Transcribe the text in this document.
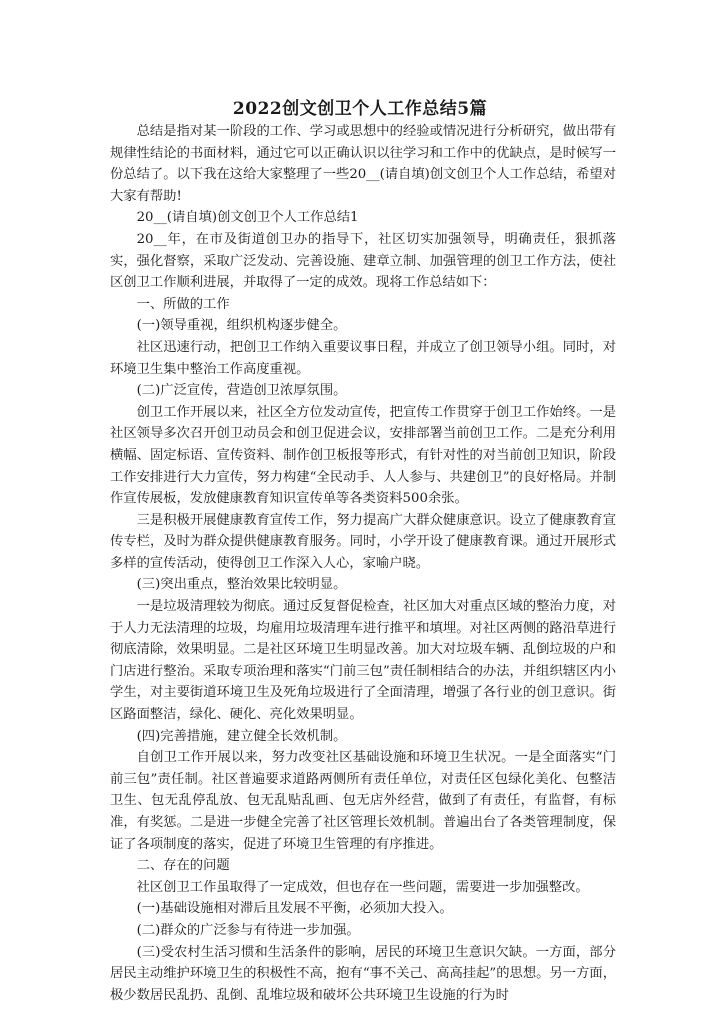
2022创文创卫个人工作总结5篇

总结是指对某一阶段的工作、学习或思想中的经验或情况进行分析研究，做出带有规律性结论的书面材料，通过它可以正确认识以往学习和工作中的优缺点，是时候写一份总结了。以下我在这给大家整理了一些20__(请自填)创文创卫个人工作总结，希望对大家有帮助!

20__(请自填)创文创卫个人工作总结1

20__年，在市及街道创卫办的指导下，社区切实加强领导，明确责任，狠抓落实，强化督察，采取广泛发动、完善设施、建章立制、加强管理的创卫工作方法，使社区创卫工作顺利进展，并取得了一定的成效。现将工作总结如下：

一、所做的工作

(一)领导重视，组织机构逐步健全。

社区迅速行动，把创卫工作纳入重要议事日程，并成立了创卫领导小组。同时，对环境卫生集中整治工作高度重视。

(二)广泛宣传，营造创卫浓厚氛围。

创卫工作开展以来，社区全方位发动宣传，把宣传工作贯穿于创卫工作始终。一是社区领导多次召开创卫动员会和创卫促进会议，安排部署当前创卫工作。二是充分利用横幅、固定标语、宣传资料、制作创卫板报等形式，有针对性的对当前创卫知识，阶段工作安排进行大力宣传，努力构建“全民动手、人人参与、共建创卫”的良好格局。并制作宣传展板，发放健康教育知识宣传单等各类资料500余张。

三是积极开展健康教育宣传工作，努力提高广大群众健康意识。设立了健康教育宣传专栏，及时为群众提供健康教育服务。同时，小学开设了健康教育课。通过开展形式多样的宣传活动，使得创卫工作深入人心，家喻户晓。

(三)突出重点，整治效果比较明显。

一是垃圾清理较为彻底。通过反复督促检查，社区加大对重点区域的整治力度，对于人力无法清理的垃圾，均雇用垃圾清理车进行推平和填埋。对社区两侧的路沿草进行彻底清除，效果明显。二是社区环境卫生明显改善。加大对垃圾车辆、乱倒垃圾的户和门店进行整治。采取专项治理和落实“门前三包”责任制相结合的办法，并组织辖区内小学生，对主要街道环境卫生及死角垃圾进行了全面清理，增强了各行业的创卫意识。街区路面整洁，绿化、硬化、亮化效果明显。

(四)完善措施，建立健全长效机制。

自创卫工作开展以来，努力改变社区基础设施和环境卫生状况。一是全面落实“门前三包”责任制。社区普遍要求道路两侧所有责任单位，对责任区包绿化美化、包整洁卫生、包无乱停乱放、包无乱贴乱画、包无店外经营，做到了有责任，有监督，有标准，有奖惩。二是进一步健全完善了社区管理长效机制。普遍出台了各类管理制度，保证了各项制度的落实，促进了环境卫生管理的有序推进。

二、存在的问题

社区创卫工作虽取得了一定成效，但也存在一些问题，需要进一步加强整改。

(一)基础设施相对滞后且发展不平衡，必须加大投入。

(二)群众的广泛参与有待进一步加强。

(三)受农村生活习惯和生活条件的影响，居民的环境卫生意识欠缺。一方面，部分居民主动维护环境卫生的积极性不高，抱有“事不关己、高高挂起”的思想。另一方面，极少数居民乱扔、乱倒、乱堆垃圾和破坏公共环境卫生设施的行为时
